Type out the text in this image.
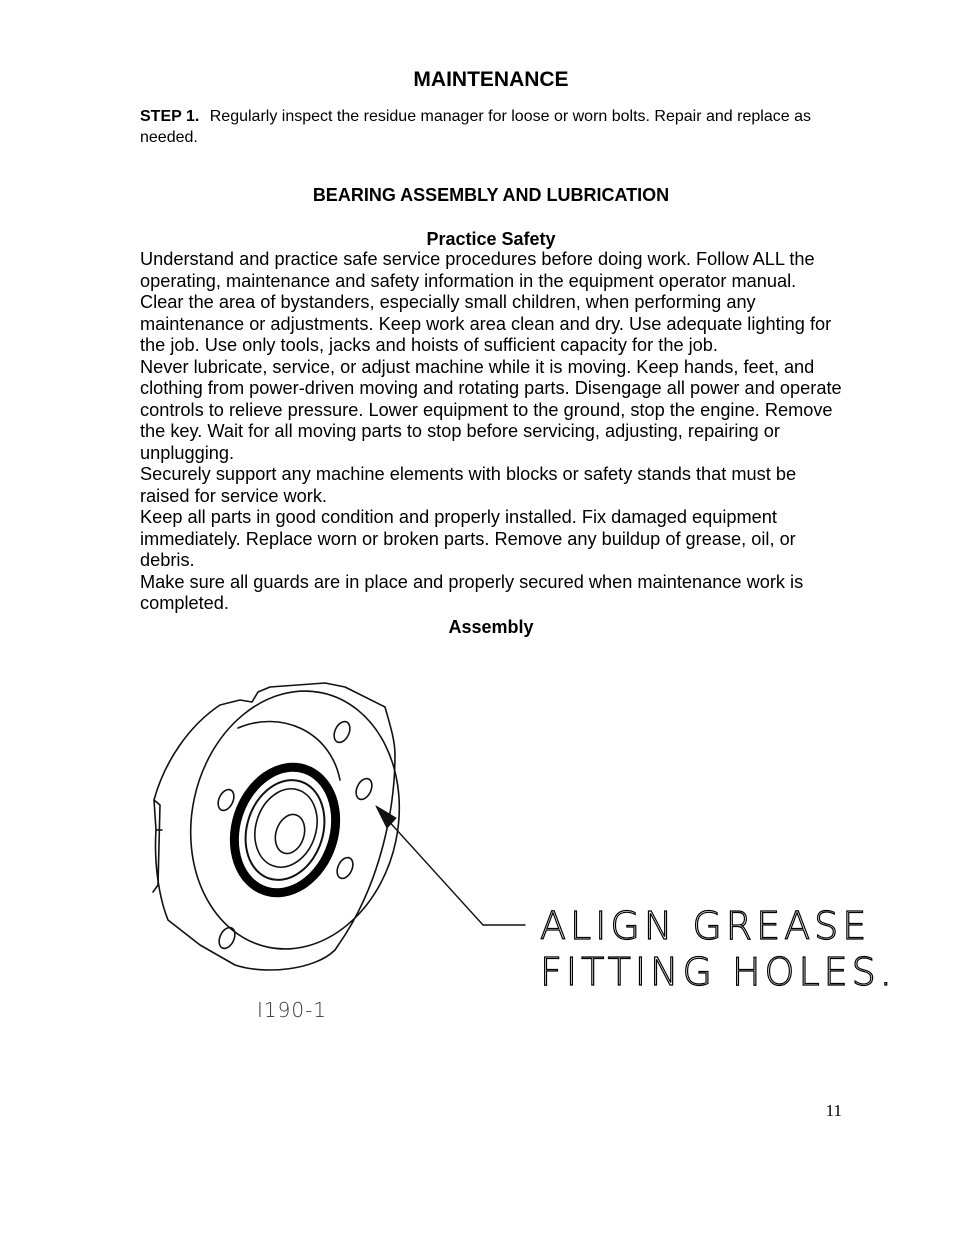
MAINTENANCE
STEP 1. Regularly inspect the residue manager for loose or worn bolts. Repair and replace as needed.
BEARING ASSEMBLY AND LUBRICATION
Practice Safety

Understand and practice safe service procedures before doing work. Follow ALL the operating, maintenance and safety information in the equipment operator manual. Clear the area of bystanders, especially small children, when performing any maintenance or adjustments. Keep work area clean and dry. Use adequate lighting for the job. Use only tools, jacks and hoists of sufficient capacity for the job.

Never lubricate, service, or adjust machine while it is moving. Keep hands, feet, and clothing from power-driven moving and rotating parts. Disengage all power and operate controls to relieve pressure. Lower equipment to the ground, stop the engine. Remove the key. Wait for all moving parts to stop before servicing, adjusting, repairing or unplugging.

Securely support any machine elements with blocks or safety stands that must be raised for service work.

Keep all parts in good condition and properly installed. Fix damaged equipment immediately. Replace worn or broken parts. Remove any buildup of grease, oil, or debris.

Make sure all guards are in place and properly secured when maintenance work is completed.

Assembly
I190-1
ALIGN GREASE
FITTING HOLES.
11
